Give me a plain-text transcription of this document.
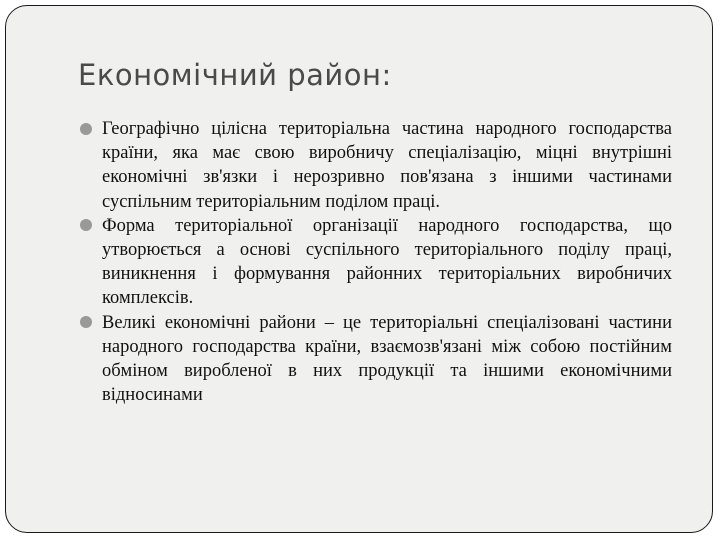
Економічний район:
Географічно цілісна територіальна частина народного господарства країни, яка має свою виробничу спеціалізацію, міцні внутрішні економічні зв'язки і нерозривно пов'язана з іншими частинами суспільним територіальним поділом праці.
Форма територіальної організації народного господарства, що утворюється а основі суспільного територіального поділу праці, виникнення і формування районних територіальних виробничих комплексів.
Великі економічні райони – це територіальні спеціалізовані частини народного господарства країни, взаємозв'язані між собою постійним обміном виробленої в них продукції та іншими економічними відносинами
